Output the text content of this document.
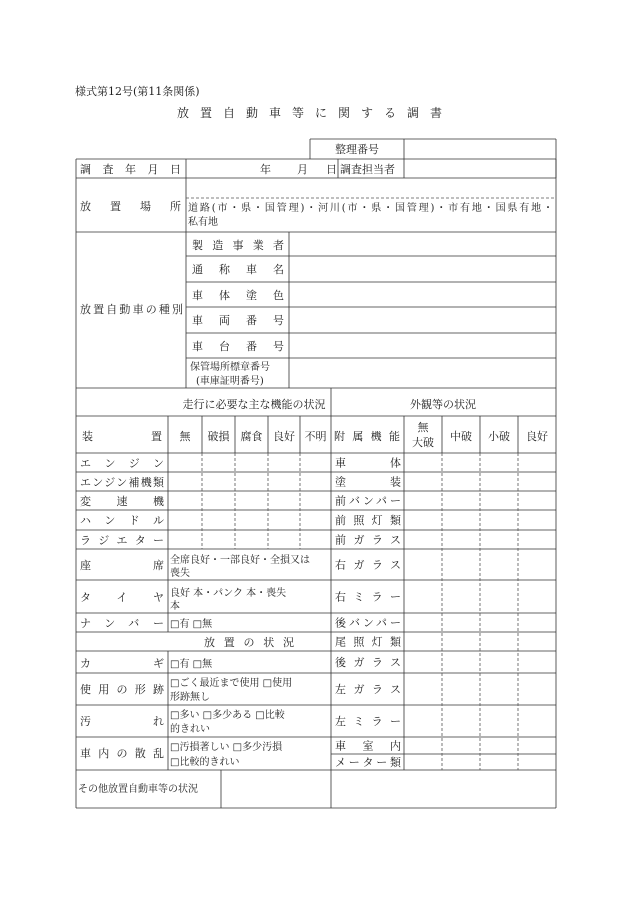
様式第12号(第11条関係)
放置自動車等に関する調書
整理番号
調査年月日	年 月 日 調査担当者
放置場所 道路(市・県・国管理)・河川(市・県・国管理)・市有地・国県有地・
私有地
製造事業者
通称車名
車体塗色
車両番号
車台番号
保管場所標章番号
(車庫証明番号)
放置自動車の種別
走行に必要な主な機能の状況	外観等の状況
装置 無 破損 腐食 良好 不明 附属機能
無
大破 中破 小破 良好
エンジン
エンジン補機類
変速機
ハンドル
ラジエター
座席 全席良好・一部良好・全損又は
喪失
タイヤ 良好 本・パンク 本・喪失
本
ナンバー □有 □無
放置の状況
カギ □有 □無
使用の形跡 □ごく最近まで使用 □使用
形跡無し
汚れ □多い □多少ある □比較
的きれい
車内の散乱 □汚損著しい □多少汚損
□比較的きれい
車体
塗装
前バンパー
前照灯類
前ガラス
右ガラス
右ミラー
後バンパー
尾照灯類
後ガラス
左ガラス
左ミラー
車室内
メーター類
その他放置自動車等の状況
